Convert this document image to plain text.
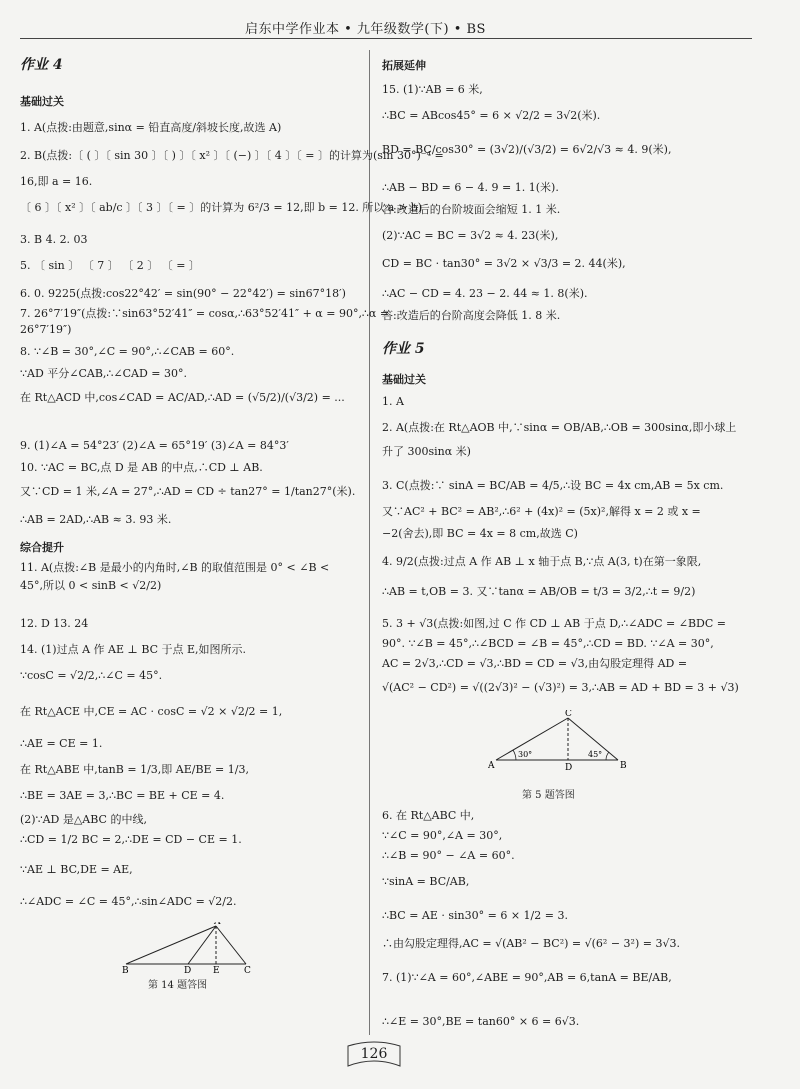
启东中学作业本 • 九年级数学(下) • BS
作业 4
基础过关
1. A(点拨:由题意,sinα = 铅直高度/斜坡长度,故选 A)
2. B(点拨:〔 ( 〕〔 sin 30 〕〔 ) 〕〔 x² 〕〔 (−) 〕〔 4 〕〔 = 〕的计算为(sin 30°)⁻⁴ =
16,即 a = 16.
〔 6 〕〔 x² 〕〔 ab/c 〕〔 3 〕〔 = 〕的计算为 6²/3 = 12,即 b = 12. 所以 a > b)
3. B 4. 2. 03
5. 〔 sin 〕 〔 7 〕 〔 2 〕 〔 = 〕
6. 0. 9225(点拨:cos22°42′ = sin(90° − 22°42′) = sin67°18′)
7. 26°7′19″(点拨:∵sin63°52′41″ = cosα,∴63°52′41″ + α = 90°,∴α =
26°7′19″)
8. ∵∠B = 30°,∠C = 90°,∴∠CAB = 60°.
∵AD 平分∠CAB,∴∠CAD = 30°.
在 Rt△ACD 中,cos∠CAD = AC/AD,∴AD = (√5/2)/(√3/2) = ...
9. (1)∠A = 54°23′ (2)∠A = 65°19′ (3)∠A = 84°3′
10. ∵AC = BC,点 D 是 AB 的中点,∴CD ⊥ AB.
又∵CD = 1 米,∠A = 27°,∴AD = CD ÷ tan27° = 1/tan27°(米).
∴AB = 2AD,∴AB ≈ 3. 93 米.
综合提升
11. A(点拨:∠B 是最小的内角时,∠B 的取值范围是 0° < ∠B <
45°,所以 0 < sinB < √2/2)
12. D 13. 24
14. (1)过点 A 作 AE ⊥ BC 于点 E,如图所示.
∵cosC = √2/2,∴∠C = 45°.
在 Rt△ACE 中,CE = AC · cosC = √2 × √2/2 = 1,
∴AE = CE = 1.
在 Rt△ABE 中,tanB = 1/3,即 AE/BE = 1/3,
∴BE = 3AE = 3,∴BC = BE + CE = 4.
(2)∵AD 是△ABC 的中线,
∴CD = 1/2 BC = 2,∴DE = CD − CE = 1.
∵AE ⊥ BC,DE = AE,
∴∠ADC = ∠C = 45°,∴sin∠ADC = √2/2.
A
B	D E	C
第 14 题答图
拓展延伸
15. (1)∵AB = 6 米,
∴BC = ABcos45° = 6 × √2/2 = 3√2(米).
BD = BC/cos30° = (3√2)/(√3/2) = 6√2/√3 ≈ 4. 9(米),
∴AB − BD = 6 − 4. 9 = 1. 1(米).
答:改造后的台阶坡面会缩短 1. 1 米.
(2)∵AC = BC = 3√2 ≈ 4. 23(米),
CD = BC · tan30° = 3√2 × √3/3 = 2. 44(米),
∴AC − CD = 4. 23 − 2. 44 ≈ 1. 8(米).
答:改造后的台阶高度会降低 1. 8 米.
作业 5
基础过关
1. A
2. A(点拨:在 Rt△AOB 中,∵sinα = OB/AB,∴OB = 300sinα,即小球上
升了 300sinα 米)
3. C(点拨:∵ sinA = BC/AB = 4/5,∴设 BC = 4x cm,AB = 5x cm.
又∵AC² + BC² = AB²,∴6² + (4x)² = (5x)²,解得 x = 2 或 x =
−2(舍去),即 BC = 4x = 8 cm,故选 C)
4. 9/2(点拨:过点 A 作 AB ⊥ x 轴于点 B,∵点 A(3, t)在第一象限,
∴AB = t,OB = 3. 又∵tanα = AB/OB = t/3 = 3/2,∴t = 9/2)
5. 3 + √3(点拨:如图,过 C 作 CD ⊥ AB 于点 D,∴∠ADC = ∠BDC =
90°. ∵∠B = 45°,∴∠BCD = ∠B = 45°,∴CD = BD. ∵∠A = 30°,
AC = 2√3,∴CD = √3,∴BD = CD = √3,由勾股定理得 AD =
√(AC² − CD²) = √((2√3)² − (√3)²) = 3,∴AB = AD + BD = 3 + √3)
C
A	D	B
30°	45°
第 5 题答图
6. 在 Rt△ABC 中,
∵∠C = 90°,∠A = 30°,
∴∠B = 90° − ∠A = 60°.
∵sinA = BC/AB,
∴BC = AE · sin30° = 6 × 1/2 = 3.
∴由勾股定理得,AC = √(AB² − BC²) = √(6² − 3²) = 3√3.
7. (1)∵∠A = 60°,∠ABE = 90°,AB = 6,tanA = BE/AB,
∴∠E = 30°,BE = tan60° × 6 = 6√3.
126
